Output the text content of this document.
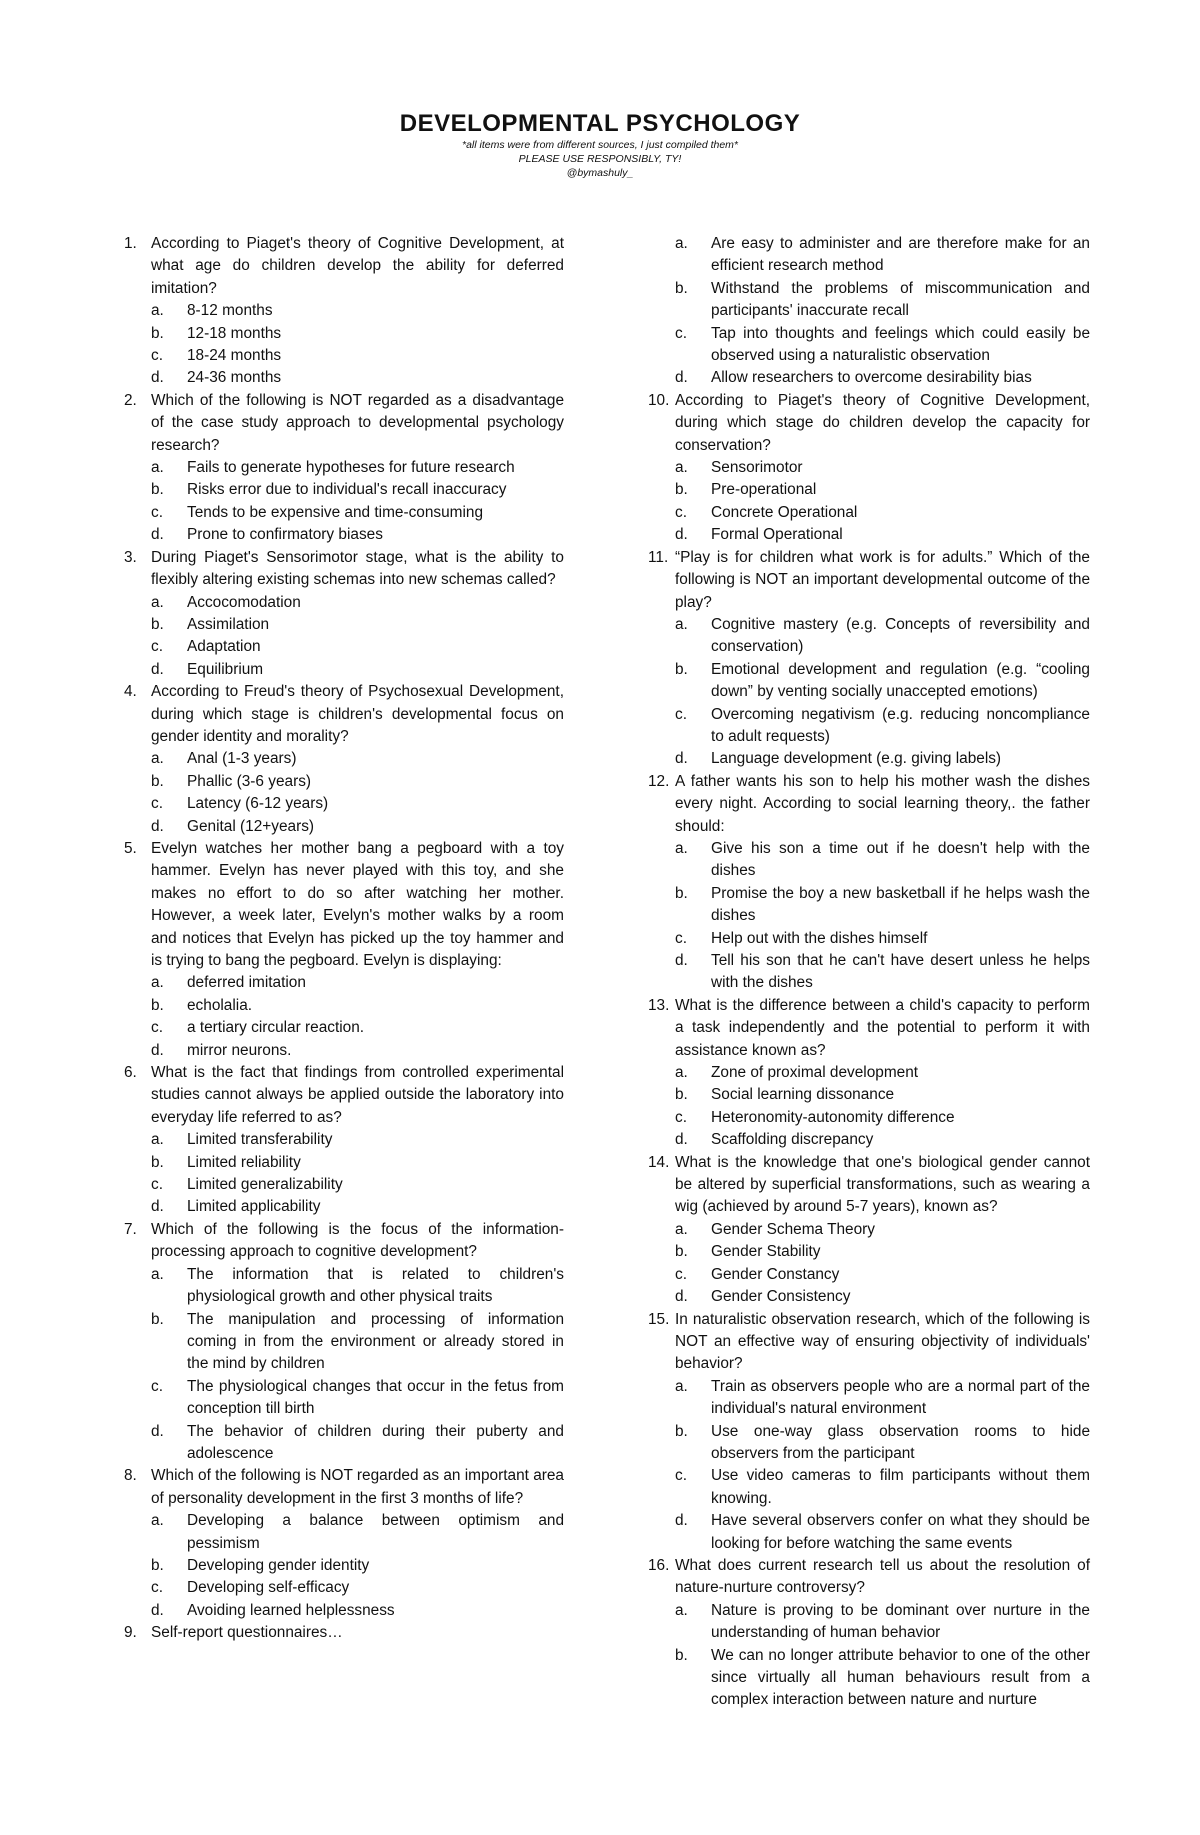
DEVELOPMENTAL PSYCHOLOGY
*all items were from different sources, I just compiled them*
PLEASE USE RESPONSIBLY, TY!
@bymashuly_
1. According to Piaget's theory of Cognitive Development, at what age do children develop the ability for deferred imitation?
a. 8-12 months
b. 12-18 months
c. 18-24 months
d. 24-36 months
2. Which of the following is NOT regarded as a disadvantage of the case study approach to developmental psychology research?
a. Fails to generate hypotheses for future research
b. Risks error due to individual's recall inaccuracy
c. Tends to be expensive and time-consuming
d. Prone to confirmatory biases
3. During Piaget's Sensorimotor stage, what is the ability to flexibly altering existing schemas into new schemas called?
a. Accocomodation
b. Assimilation
c. Adaptation
d. Equilibrium
4. According to Freud's theory of Psychosexual Development, during which stage is children's developmental focus on gender identity and morality?
a. Anal (1-3 years)
b. Phallic (3-6 years)
c. Latency (6-12 years)
d. Genital (12+years)
5. Evelyn watches her mother bang a pegboard with a toy hammer. Evelyn has never played with this toy, and she makes no effort to do so after watching her mother. However, a week later, Evelyn's mother walks by a room and notices that Evelyn has picked up the toy hammer and is trying to bang the pegboard. Evelyn is displaying:
a. deferred imitation
b. echolalia.
c. a tertiary circular reaction.
d. mirror neurons.
6. What is the fact that findings from controlled experimental studies cannot always be applied outside the laboratory into everyday life referred to as?
a. Limited transferability
b. Limited reliability
c. Limited generalizability
d. Limited applicability
7. Which of the following is the focus of the information-processing approach to cognitive development?
a. The information that is related to children's physiological growth and other physical traits
b. The manipulation and processing of information coming in from the environment or already stored in the mind by children
c. The physiological changes that occur in the fetus from conception till birth
d. The behavior of children during their puberty and adolescence
8. Which of the following is NOT regarded as an important area of personality development in the first 3 months of life?
a. Developing a balance between optimism and pessimism
b. Developing gender identity
c. Developing self-efficacy
d. Avoiding learned helplessness
9. Self-report questionnaires…
a. Are easy to administer and are therefore make for an efficient research method
b. Withstand the problems of miscommunication and participants' inaccurate recall
c. Tap into thoughts and feelings which could easily be observed using a naturalistic observation
d. Allow researchers to overcome desirability bias
10. According to Piaget's theory of Cognitive Development, during which stage do children develop the capacity for conservation?
a. Sensorimotor
b. Pre-operational
c. Concrete Operational
d. Formal Operational
11. “Play is for children what work is for adults.” Which of the following is NOT an important developmental outcome of the play?
a. Cognitive mastery (e.g. Concepts of reversibility and conservation)
b. Emotional development and regulation (e.g. “cooling down” by venting socially unaccepted emotions)
c. Overcoming negativism (e.g. reducing noncompliance to adult requests)
d. Language development (e.g. giving labels)
12. A father wants his son to help his mother wash the dishes every night. According to social learning theory,. the father should:
a. Give his son a time out if he doesn't help with the dishes
b. Promise the boy a new basketball if he helps wash the dishes
c. Help out with the dishes himself
d. Tell his son that he can't have desert unless he helps with the dishes
13. What is the difference between a child's capacity to perform a task independently and the potential to perform it with assistance known as?
a. Zone of proximal development
b. Social learning dissonance
c. Heteronomity-autonomity difference
d. Scaffolding discrepancy
14. What is the knowledge that one's biological gender cannot be altered by superficial transformations, such as wearing a wig (achieved by around 5-7 years), known as?
a. Gender Schema Theory
b. Gender Stability
c. Gender Constancy
d. Gender Consistency
15. In naturalistic observation research, which of the following is NOT an effective way of ensuring objectivity of individuals' behavior?
a. Train as observers people who are a normal part of the individual's natural environment
b. Use one-way glass observation rooms to hide observers from the participant
c. Use video cameras to film participants without them knowing.
d. Have several observers confer on what they should be looking for before watching the same events
16. What does current research tell us about the resolution of nature-nurture controversy?
a. Nature is proving to be dominant over nurture in the understanding of human behavior
b. We can no longer attribute behavior to one of the other since virtually all human behaviours result from a complex interaction between nature and nurture
